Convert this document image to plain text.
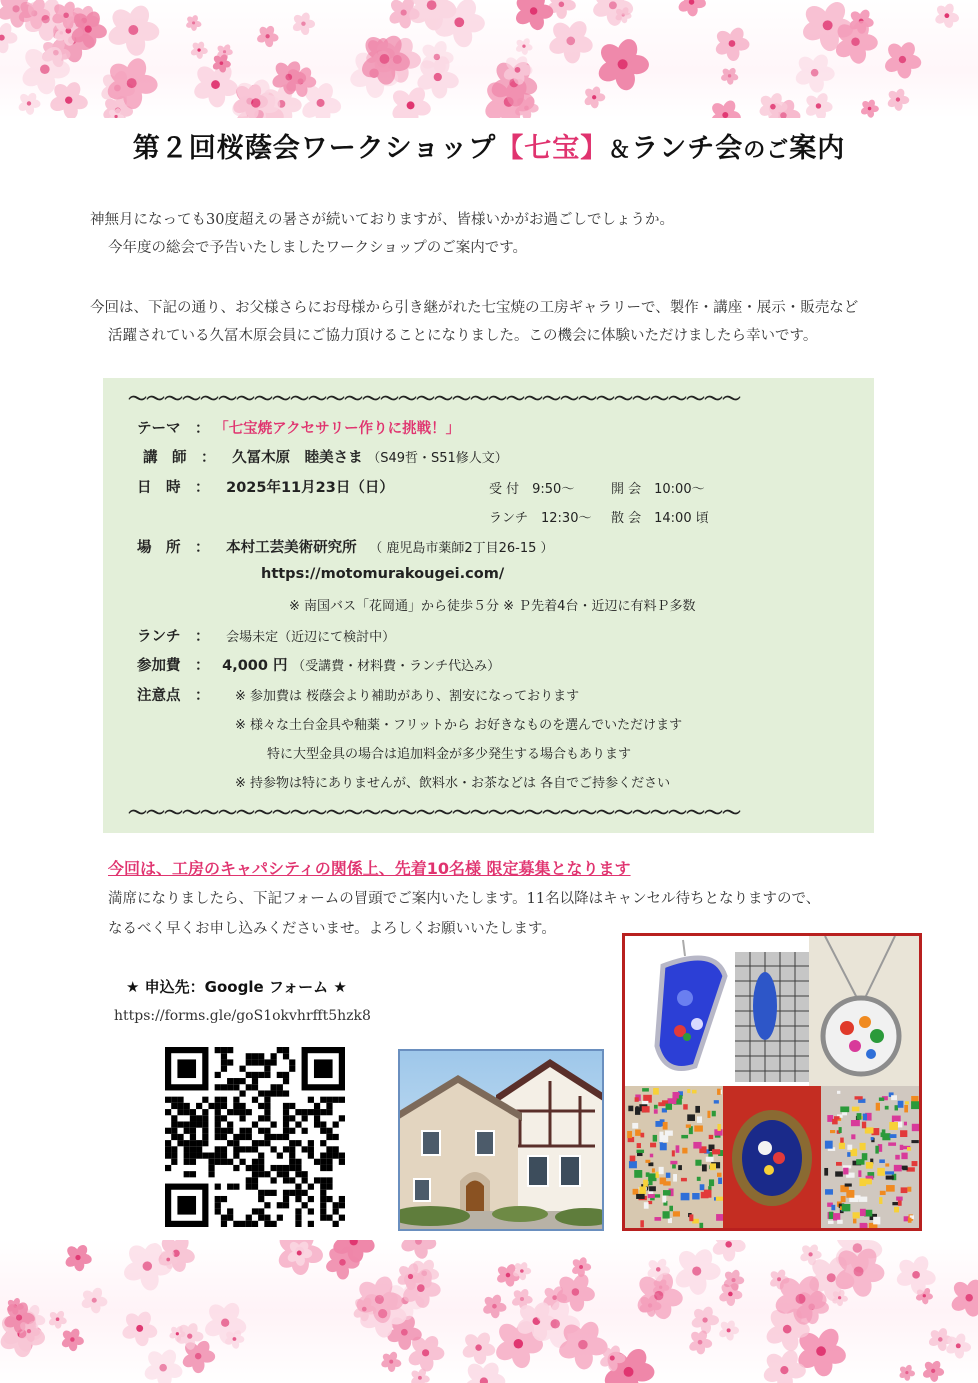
第２回桜蔭会ワークショップ【七宝】＆ランチ会のご案内
神無月になっても30度超えの暑さが続いておりますが、皆様いかがお過ごしでしょうか。
今年度の総会で予告いたしましたワークショップのご案内です。
今回は、下記の通り、お父様さらにお母様から引き継がれた七宝焼の工房ギャラリーで、製作・講座・展示・販売など
活躍されている久冨木原会員にご協力頂けることになりました。この機会に体験いただけましたら幸いです。
〜〜〜〜〜〜〜〜〜〜〜〜〜〜〜〜〜〜〜〜〜〜〜〜〜〜〜〜〜〜〜〜〜〜
テーマ　： 「七宝焼アクセサリー作りに挑戦！」
講　師　： 久冨木原　睦美さま （S49哲・S51修人文）
日　時　： 2025年11月23日（日）	受 付　9:50〜	開 会　10:00〜
ランチ　12:30〜 散 会　14:00 頃
場　所　： 本村工芸美術研究所 （ 鹿児島市薬師2丁目26-15 ）
https://motomurakougei.com/
※ 南国バス「花岡通」から徒歩５分 ※ Ｐ先着4台・近辺に有料Ｐ多数
ランチ　： 会場未定（近辺にて検討中）
参加費　： 4,000 円 （受講費・材料費・ランチ代込み）
注意点　： ※ 参加費は 桜蔭会より補助があり、割安になっております
※ 様々な土台金具や釉薬・フリットから お好きなものを選んでいただけます
特に大型金具の場合は追加料金が多少発生する場合もあります
※ 持参物は特にありませんが、飲料水・お茶などは 各自でご持参ください
〜〜〜〜〜〜〜〜〜〜〜〜〜〜〜〜〜〜〜〜〜〜〜〜〜〜〜〜〜〜〜〜〜〜
今回は、工房のキャパシティの関係上、先着10名様 限定募集となります
満席になりましたら、下記フォームの冒頭でご案内いたします。11名以降はキャンセル待ちとなりますので、
なるべく早くお申し込みくださいませ。よろしくお願いいたします。
★ 申込先：Google フォーム ★
https://forms.gle/goS1okvhrfft5hzk8
